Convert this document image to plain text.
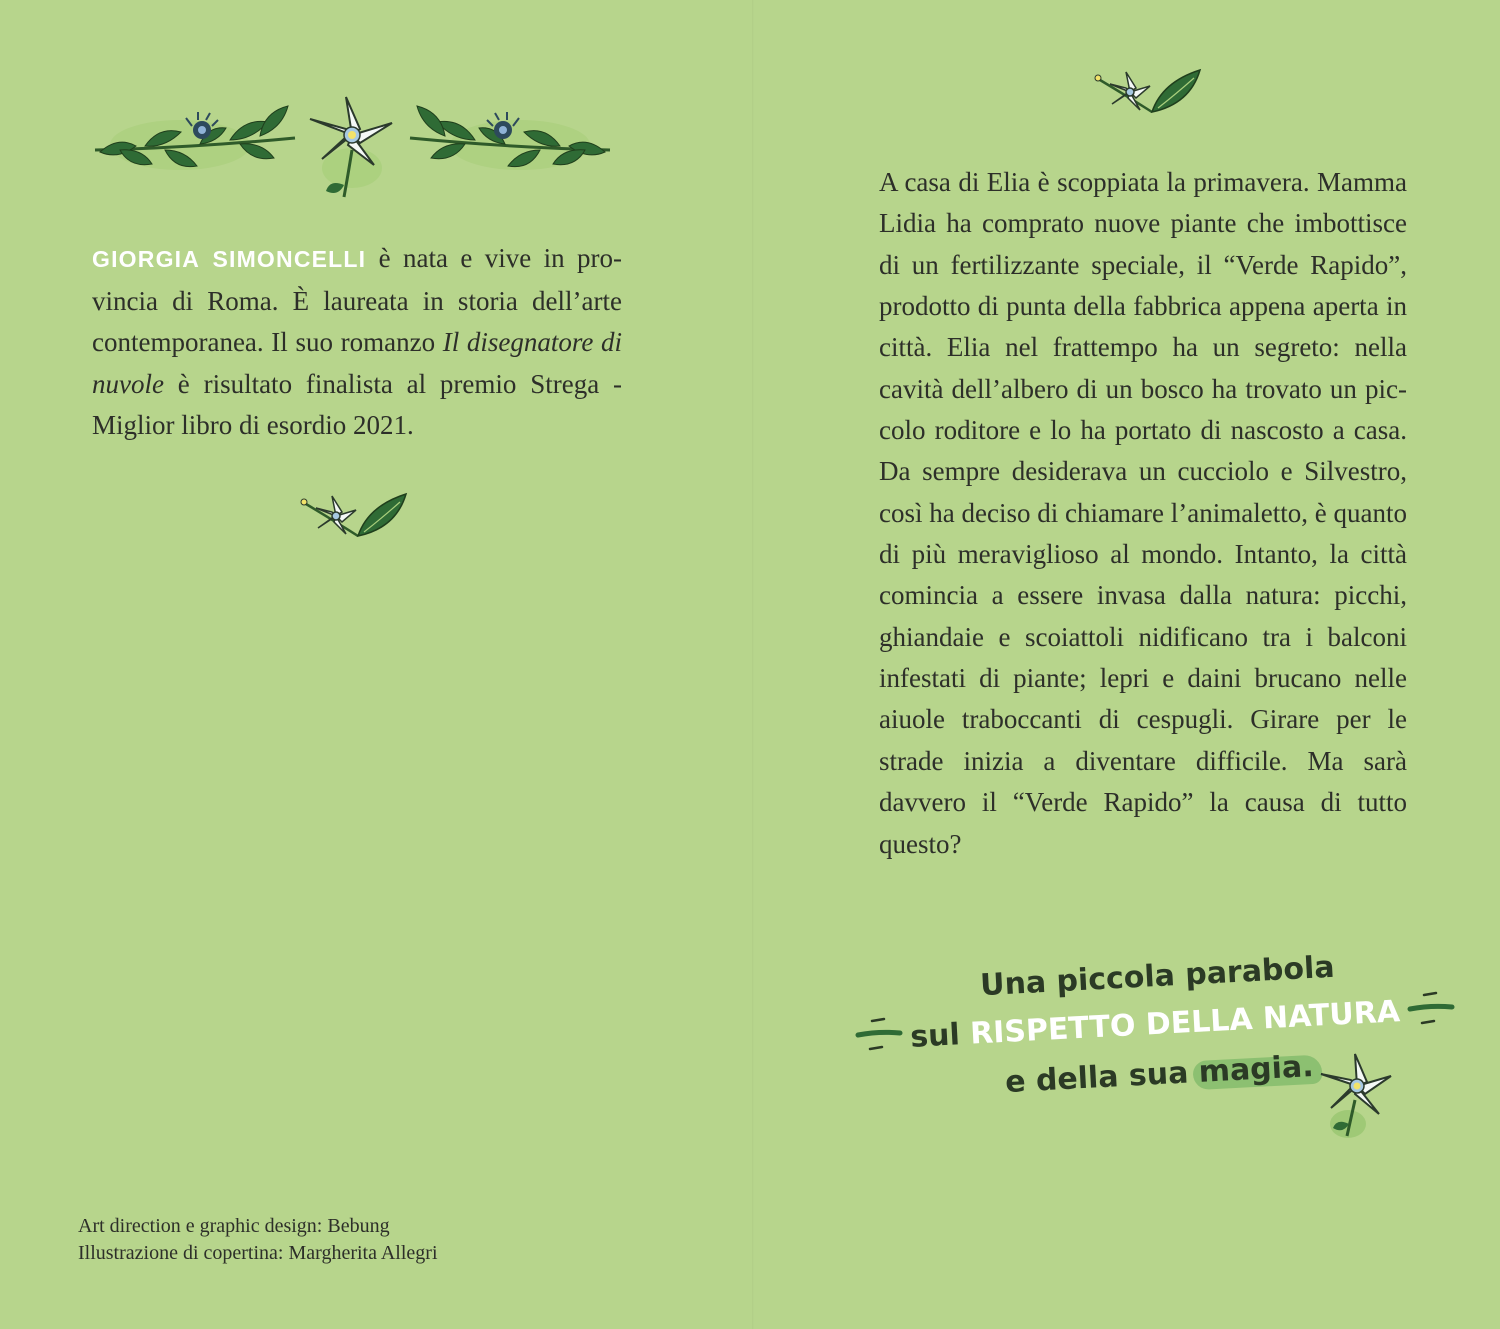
GIORGIA SIMONCELLI è nata e vive in provincia di Roma. È laureata in storia dell’arte contemporanea. Il suo romanzo Il disegnatore di nuvole è risultato finalista al premio Strega - Miglior libro di esordio 2021.
Art direction e graphic design: Bebung
Illustrazione di copertina: Margherita Allegri
A casa di Elia è scoppiata la primavera. Mamma Lidia ha comprato nuove piante che imbottisce di un fertilizzante speciale, il “Verde Rapido”, prodotto di punta della fabbrica appena aperta in città. Elia nel frattempo ha un segreto: nella cavità dell’albero di un bosco ha trovato un piccolo roditore e lo ha portato di nascosto a casa. Da sempre desiderava un cucciolo e Silvestro, così ha deciso di chiamare l’animaletto, è quanto di più meraviglioso al mondo. Intanto, la città comincia a essere invasa dalla natura: picchi, ghiandaie e scoiattoli nidificano tra i balconi infestati di piante; lepri e daini brucano nelle aiuole traboccanti di cespugli. Girare per le strade inizia a diventare difficile. Ma sarà davvero il “Verde Rapido” la causa di tutto questo?
Una piccola parabola
sul RISPETTO DELLA NATURA
e della sua magia.
